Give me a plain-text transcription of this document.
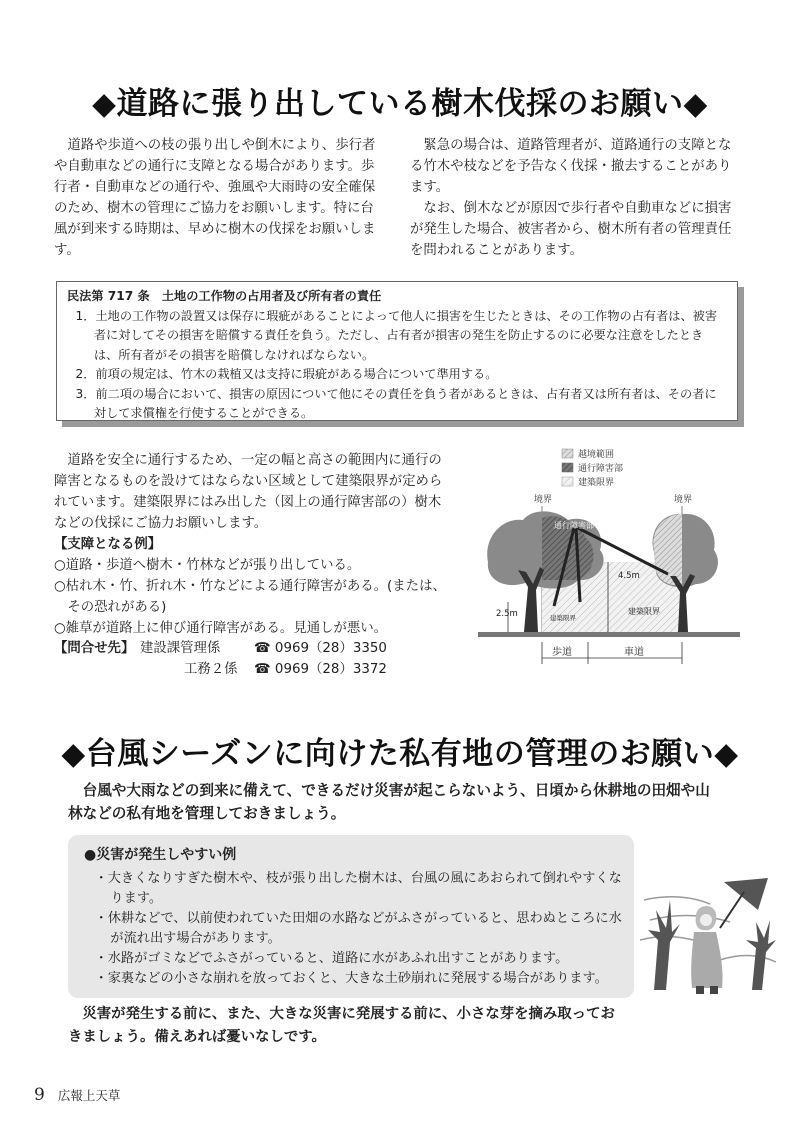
◆道路に張り出している樹木伐採のお願い◆

道路や歩道への枝の張り出しや倒木により、歩行者や自動車などの通行に支障となる場合があります。歩行者・自動車などの通行や、強風や大雨時の安全確保のため、樹木の管理にご協力をお願いします。特に台風が到来する時期は、早めに樹木の伐採をお願いします。

緊急の場合は、道路管理者が、道路通行の支障となる竹木や枝などを予告なく伐採・撤去することがあります。

なお、倒木などが原因で歩行者や自動車などに損害が発生した場合、被害者から、樹木所有者の管理責任を問われることがあります。

民法第 717 条　土地の工作物の占用者及び所有者の責任
1．土地の工作物の設置又は保存に瑕疵があることによって他人に損害を生じたときは、その工作物の占有者は、被害者に対してその損害を賠償する責任を負う。ただし、占有者が損害の発生を防止するのに必要な注意をしたときは、所有者がその損害を賠償しなければならない。
2．前項の規定は、竹木の栽植又は支持に瑕疵がある場合について準用する。
3．前二項の場合において、損害の原因について他にその責任を負う者があるときは、占有者又は所有者は、その者に対して求償権を行使することができる。

道路を安全に通行するため、一定の幅と高さの範囲内に通行の障害となるものを設けてはならない区域として建築限界が定められています。建築限界にはみ出した（図上の通行障害部の）樹木などの伐採にご協力お願いします。

【支障となる例】

○道路・歩道へ樹木・竹林などが張り出している。

○枯れ木・竹、折れ木・竹などによる通行障害がある。(または、その恐れがある)

○雑草が道路上に伸び通行障害がある。見通しが悪い。

【問合せ先】 建設課管理係	☎ 0969（28）3350
工務２係 ☎ 0969（28）3372
越境範囲
通行障害部
建築限界
境界	境界
通行障害部
2.5m
4.5m
建築限界
建築限界
歩道	車道
◆台風シーズンに向けた私有地の管理のお願い◆
台風や大雨などの到来に備えて、できるだけ災害が起こらないよう、日頃から休耕地の田畑や山林などの私有地を管理しておきましょう。
●災害が発生しやすい例
・大きくなりすぎた樹木や、枝が張り出した樹木は、台風の風にあおられて倒れやすくなります。
・休耕などで、以前使われていた田畑の水路などがふさがっていると、思わぬところに水が流れ出す場合があります。
・水路がゴミなどでふさがっていると、道路に水があふれ出すことがあります。
・家裏などの小さな崩れを放っておくと、大きな土砂崩れに発展する場合があります。
災害が発生する前に、また、大きな災害に発展する前に、小さな芽を摘み取っておきましょう。備えあれば憂いなしです。
9 広報上天草
